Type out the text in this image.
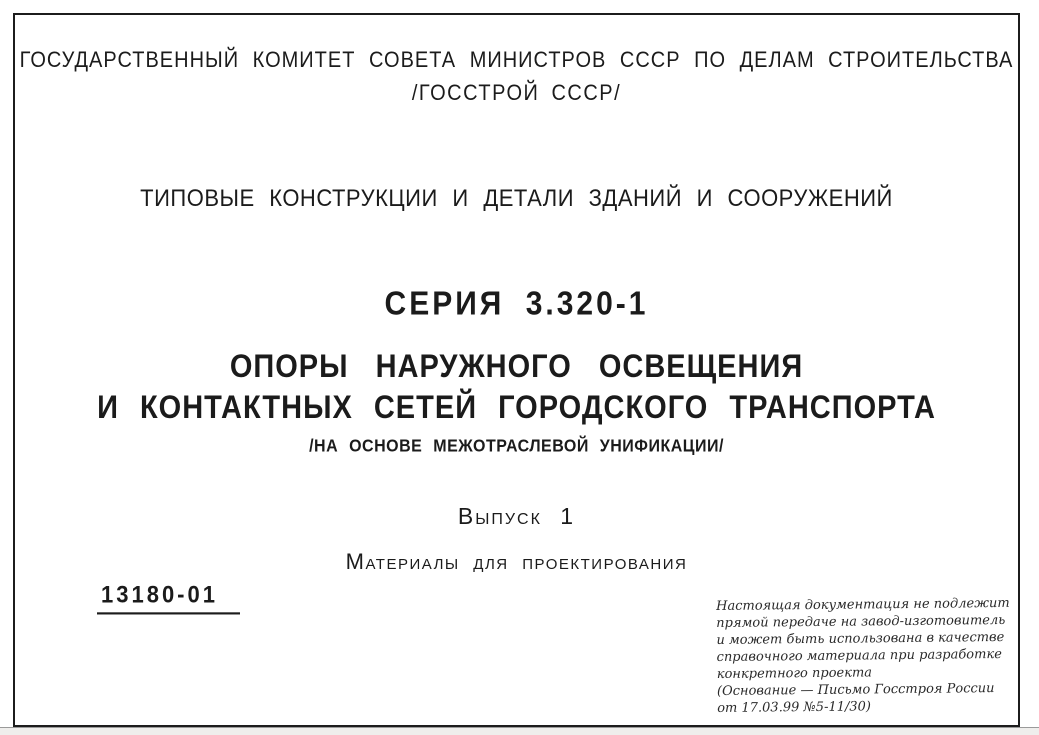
ГОСУДАРСТВЕННЫЙ КОМИТЕТ СОВЕТА МИНИСТРОВ СССР ПО ДЕЛАМ СТРОИТЕЛЬСТВА
/ГОССТРОЙ СССР/
ТИПОВЫЕ КОНСТРУКЦИИ И ДЕТАЛИ ЗДАНИЙ И СООРУЖЕНИЙ
СЕРИЯ 3.320-1
ОПОРЫ НАРУЖНОГО ОСВЕЩЕНИЯ
И КОНТАКТНЫХ СЕТЕЙ ГОРОДСКОГО ТРАНСПОРТА
/НА ОСНОВЕ МЕЖОТРАСЛЕВОЙ УНИФИКАЦИИ/
Выпуск 1
Материалы для проектирования
13180-01	Настоящая документация не подлежит
прямой передаче на завод-изготовитель
и может быть использована в качестве
справочного материала при разработке
конкретного проекта
(Основание — Письмо Госстроя России
от 17.03.99 №5-11/30)
